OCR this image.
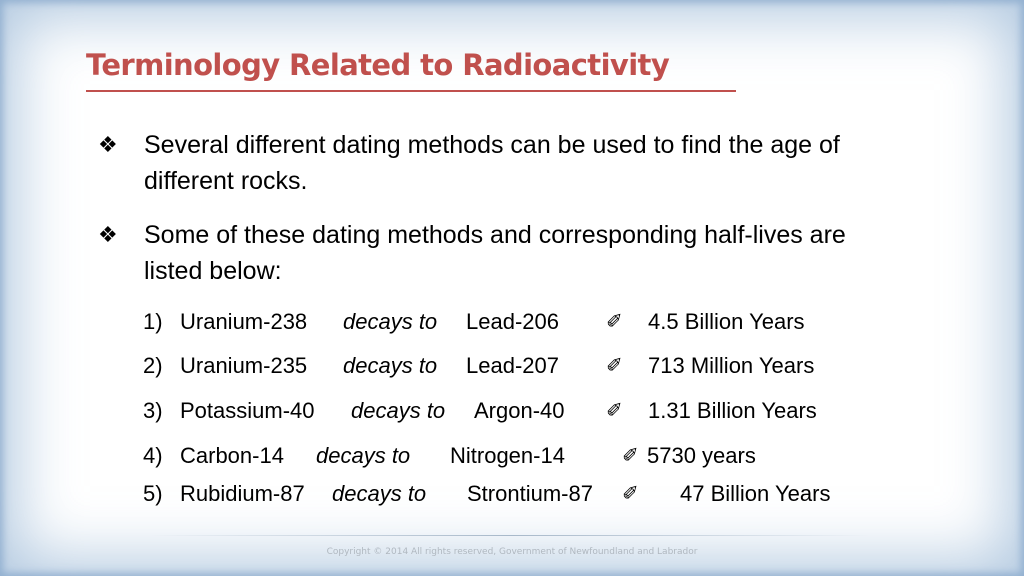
Terminology Related to Radioactivity
❖	Several different dating methods can be used to find the age of different rocks.
❖	Some of these dating methods and corresponding half-lives are listed below:
1) Uranium-238 decays to Lead-206 ✐ 4.5 Billion Years
2) Uranium-235 decays to Lead-207 ✐ 713 Million Years
3) Potassium-40 decays to Argon-40 ✐ 1.31 Billion Years
4) Carbon-14 decays to Nitrogen-14	✐ 5730 years
5) Rubidium-87 decays to Strontium-87 ✐ 47 Billion Years
Copyright © 2014 All rights reserved, Government of Newfoundland and Labrador
